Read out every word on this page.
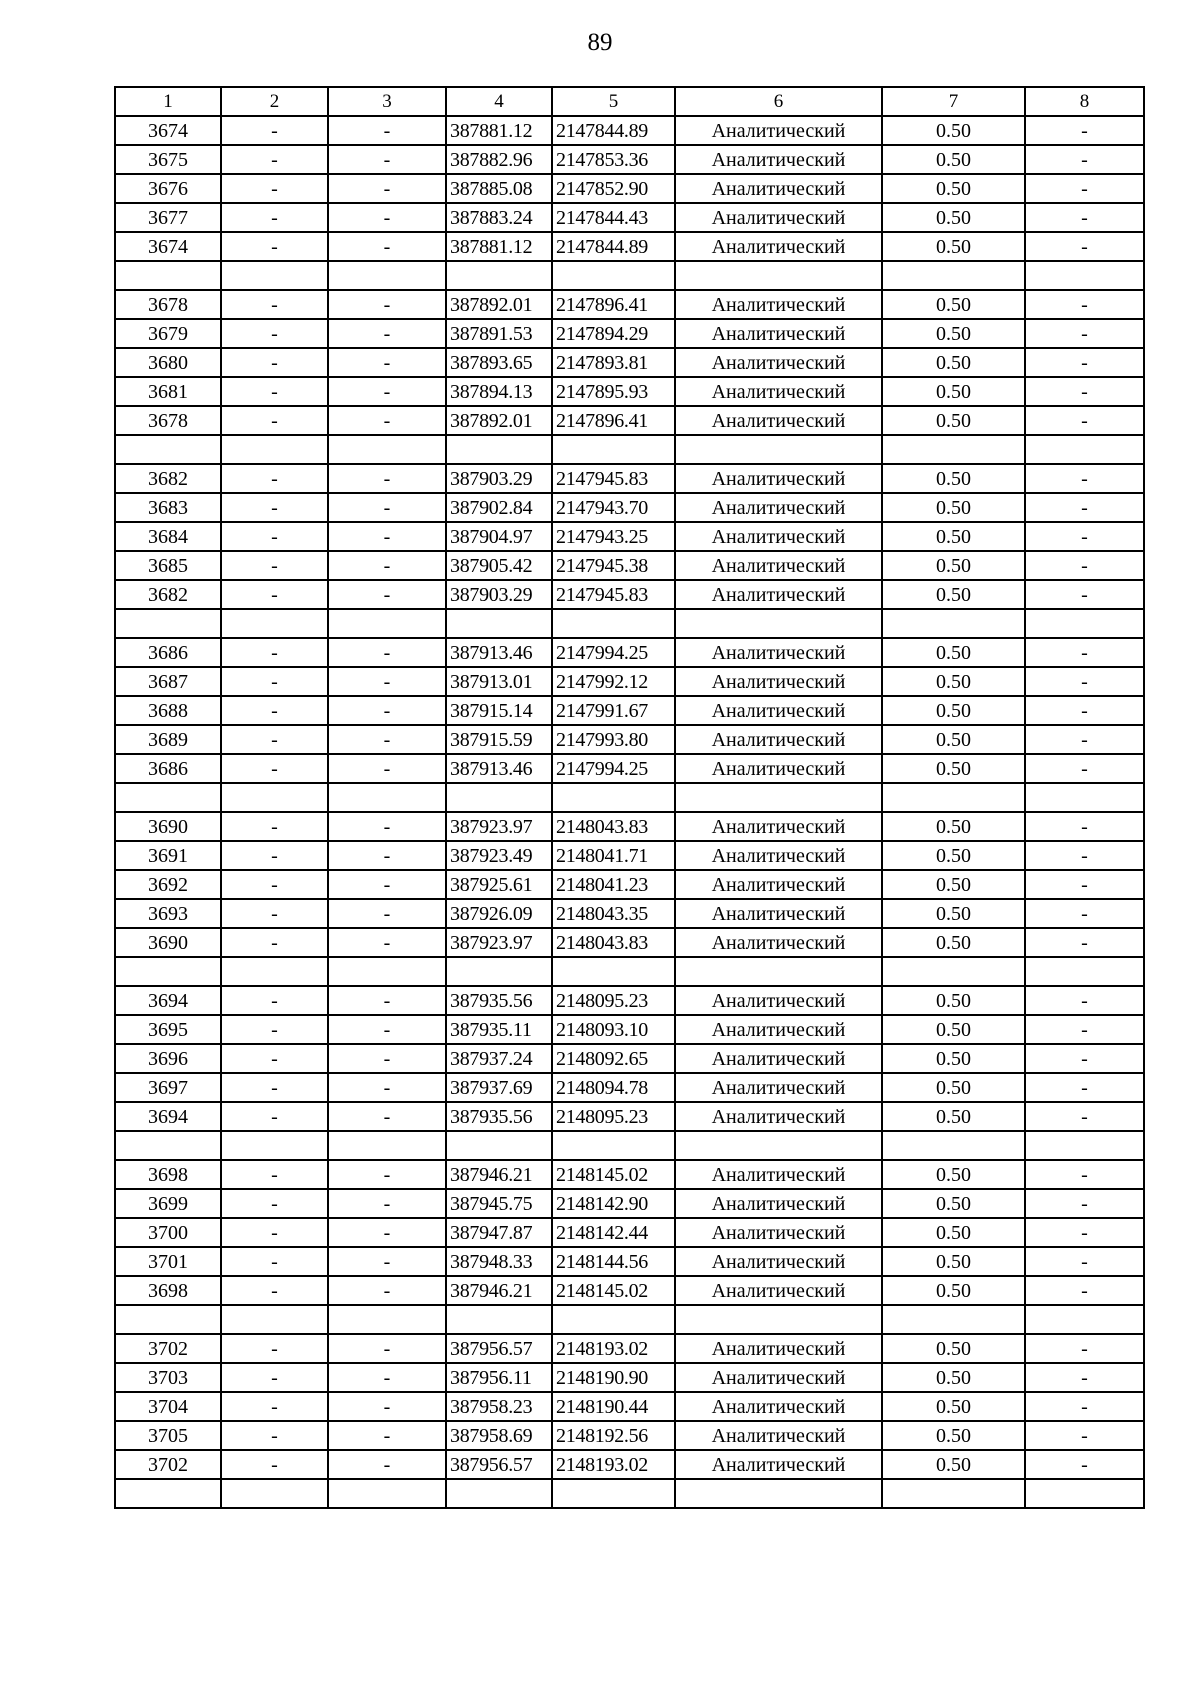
89
1	2	3	4	5	6	7	8
3674	-	-	387881.12	2147844.89	Аналитический	0.50	-
3675	-	-	387882.96	2147853.36	Аналитический	0.50	-
3676	-	-	387885.08	2147852.90	Аналитический	0.50	-
3677	-	-	387883.24	2147844.43	Аналитический	0.50	-
3674	-	-	387881.12	2147844.89	Аналитический	0.50	-

3678	-	-	387892.01	2147896.41	Аналитический	0.50	-
3679	-	-	387891.53	2147894.29	Аналитический	0.50	-
3680	-	-	387893.65	2147893.81	Аналитический	0.50	-
3681	-	-	387894.13	2147895.93	Аналитический	0.50	-
3678	-	-	387892.01	2147896.41	Аналитический	0.50	-

3682	-	-	387903.29	2147945.83	Аналитический	0.50	-
3683	-	-	387902.84	2147943.70	Аналитический	0.50	-
3684	-	-	387904.97	2147943.25	Аналитический	0.50	-
3685	-	-	387905.42	2147945.38	Аналитический	0.50	-
3682	-	-	387903.29	2147945.83	Аналитический	0.50	-

3686	-	-	387913.46	2147994.25	Аналитический	0.50	-
3687	-	-	387913.01	2147992.12	Аналитический	0.50	-
3688	-	-	387915.14	2147991.67	Аналитический	0.50	-
3689	-	-	387915.59	2147993.80	Аналитический	0.50	-
3686	-	-	387913.46	2147994.25	Аналитический	0.50	-

3690	-	-	387923.97	2148043.83	Аналитический	0.50	-
3691	-	-	387923.49	2148041.71	Аналитический	0.50	-
3692	-	-	387925.61	2148041.23	Аналитический	0.50	-
3693	-	-	387926.09	2148043.35	Аналитический	0.50	-
3690	-	-	387923.97	2148043.83	Аналитический	0.50	-

3694	-	-	387935.56	2148095.23	Аналитический	0.50	-
3695	-	-	387935.11	2148093.10	Аналитический	0.50	-
3696	-	-	387937.24	2148092.65	Аналитический	0.50	-
3697	-	-	387937.69	2148094.78	Аналитический	0.50	-
3694	-	-	387935.56	2148095.23	Аналитический	0.50	-

3698	-	-	387946.21	2148145.02	Аналитический	0.50	-
3699	-	-	387945.75	2148142.90	Аналитический	0.50	-
3700	-	-	387947.87	2148142.44	Аналитический	0.50	-
3701	-	-	387948.33	2148144.56	Аналитический	0.50	-
3698	-	-	387946.21	2148145.02	Аналитический	0.50	-

3702	-	-	387956.57	2148193.02	Аналитический	0.50	-
3703	-	-	387956.11	2148190.90	Аналитический	0.50	-
3704	-	-	387958.23	2148190.44	Аналитический	0.50	-
3705	-	-	387958.69	2148192.56	Аналитический	0.50	-
3702	-	-	387956.57	2148193.02	Аналитический	0.50	-
